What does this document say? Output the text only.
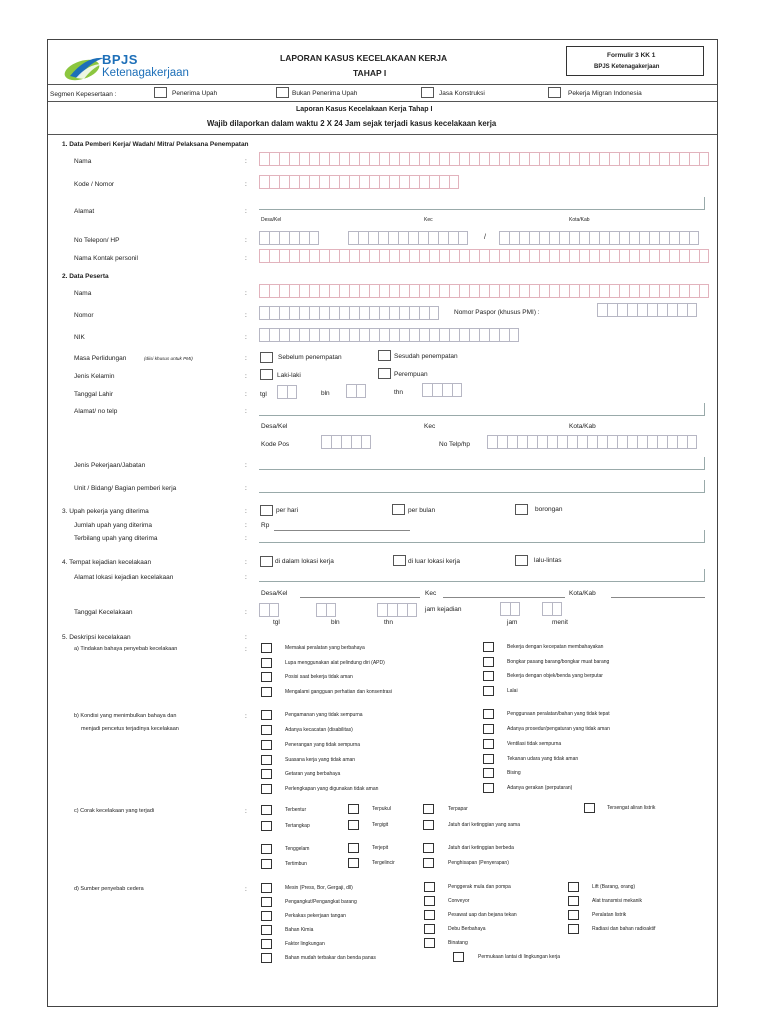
BPJS
Ketenagakerjaan
LAPORAN KASUS KECELAKAAN KERJA
TAHAP I
Formulir 3 KK 1
BPJS Ketenagakerjaan
Segmen Kepesertaan :	Penerima Upah	Bukan Penerima Upah	Jasa Konstruksi	Pekerja Migran Indonesia
Laporan Kasus Kecelakaan Kerja Tahap I
Wajib dilaporkan dalam waktu 2 X 24 Jam sejak terjadi kasus kecelakaan kerja
1. Data Pemberi Kerja/ Wadah/ Mitra/ Pelaksana Penempatan
Nama	:
Kode / Nomor	:
Alamat	:
Desa/Kel	Kec	Kota/Kab
No Telepon/ HP	:	/
Nama Kontak personil	:
2. Data Peserta
Nama	:
Nomor	:	Nomor Paspor (khusus PMI) :
NIK	:
Masa Perlidungan	(diisi khusus untuk PMI)	:	Sebelum penempatan	Sesudah penempatan
Jenis Kelamin	:	Laki-laki	Perempuan
Tanggal Lahir	: tgl	bln	thn
Alamat/ no telp	:
Desa/Kel	Kec	Kota/Kab
Kode Pos	No Telp/hp
Jenis Pekerjaan/Jabatan	:
Unit / Bidang/ Bagian pemberi kerja	:
3. Upah pekerja yang diterima	:	per hari	per bulan	borongan
Jumlah upah yang diterima	: Rp
Terbilang upah yang diterima	:
4. Tempat kejadian kecelakaan	:	di dalam lokasi kerja	di luar lokasi kerja	lalu-lintas
Alamat lokasi kejadian kecelakaan	:
Desa/Kel	Kec	Kota/Kab
Tanggal Kecelakaan	:	jam kejadian
tgl	bln	thn	jam	menit
5. Deskripsi kecelakaan	:
a) Tindakan bahaya penyebab kecelakaan	:	Memakai peralatan yang berbahaya
Lupa menggunakan alat pelindung diri (APD)
Posisi saat bekerja tidak aman
Mengalami gangguan perhatian dan konsentrasi
Bekerja dengan kecepatan membahayakan
Bongkar pasang barang/bongkar muat barang
Bekerja dengan objek/benda yang berputar
Lalai
b) Kondisi yang menimbulkan bahaya dan
menjadi pencetus terjadinya kecelakaan
:	Pengamanan yang tidak sempurna
Adanya kecacatan (disabilitas)
Penerangan yang tidak sempurna
Suasana kerja yang tidak aman
Getaran yang berbahaya
Perlengkapan yang digunakan tidak aman
Penggunaan peralatan/bahan yang tidak tepat
Adanya prosedur/pengaturan yang tidak aman
Ventilasi tidak sempurna
Tekanan udara yang tidak aman
Bising
Adanya gerakan (perputaran)
c) Corak kecelakaan yang terjadi	:	Terbentur	Terpukul	Terpapar	Tersengat aliran listrik
Tertangkap	Tergigit	Jatuh dari ketinggian yang sama
Tenggelam	Terjepit	Jatuh dari ketinggian berbeda
Tertimbun	Tergelincir	Penghisapan (Penyerapan)
d) Sumber penyebab cedera	:	Mesin (Press, Bor, Gergaji, dll)
Pengangkut/Pengangkat barang
Perkakas pekerjaan tangan
Bahan Kimia
Faktor lingkungan
Bahan mudah terbakar dan benda panas
Penggerak mula dan pompa
Conveyor
Pesawat uap dan bejana tekan
Debu Berbahaya
Binatang
Permukaan lantai di lingkungan kerja
Lift (Barang, orang)
Alat transmisi mekanik
Peralatan listrik
Radiasi dan bahan radioaktif
